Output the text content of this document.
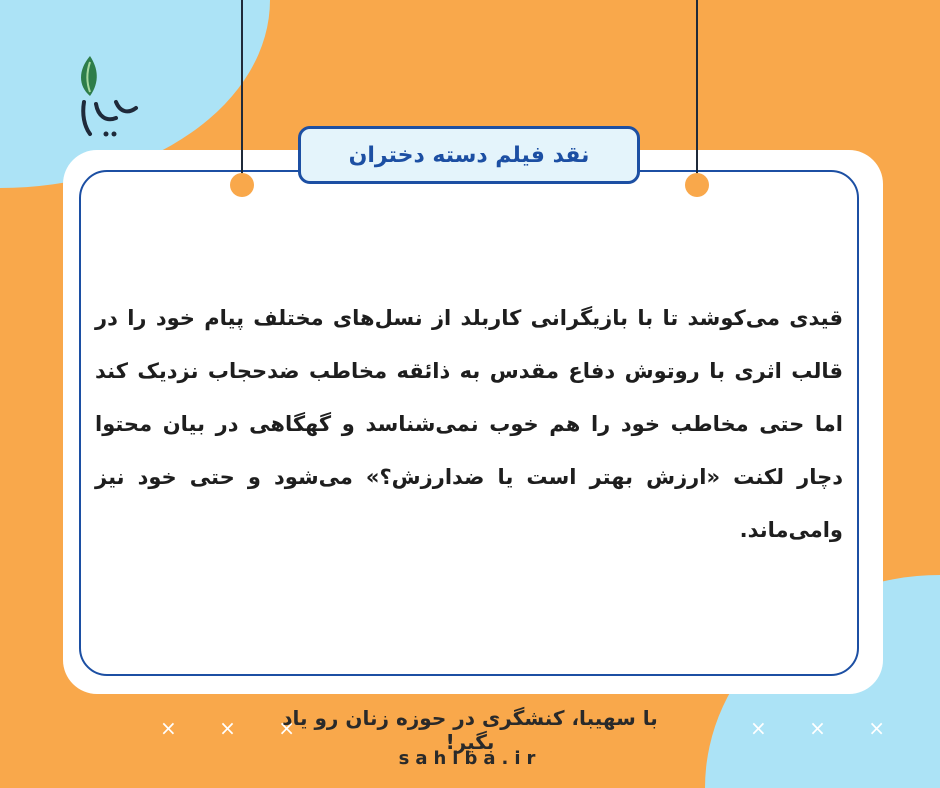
نقد فیلم دسته دختران
قیدی می‌کوشد تا با بازیگرانی کاربلد از نسل‌های مختلف پیام خود را در قالب اثری با روتوش دفاع مقدس به ذائقه مخاطب ضدحجاب نزدیک کند اما حتی مخاطب خود را هم خوب نمی‌شناسد و گهگاهی در بیان محتوا دچار لکنت «ارزش بهتر است یا ضدارزش؟» می‌شود و حتی خود نیز وامی‌ماند.
× × ×	× × ×
با سهیبا، کنشگری در حوزه زنان رو یاد بگیر!
sahiba.ir
